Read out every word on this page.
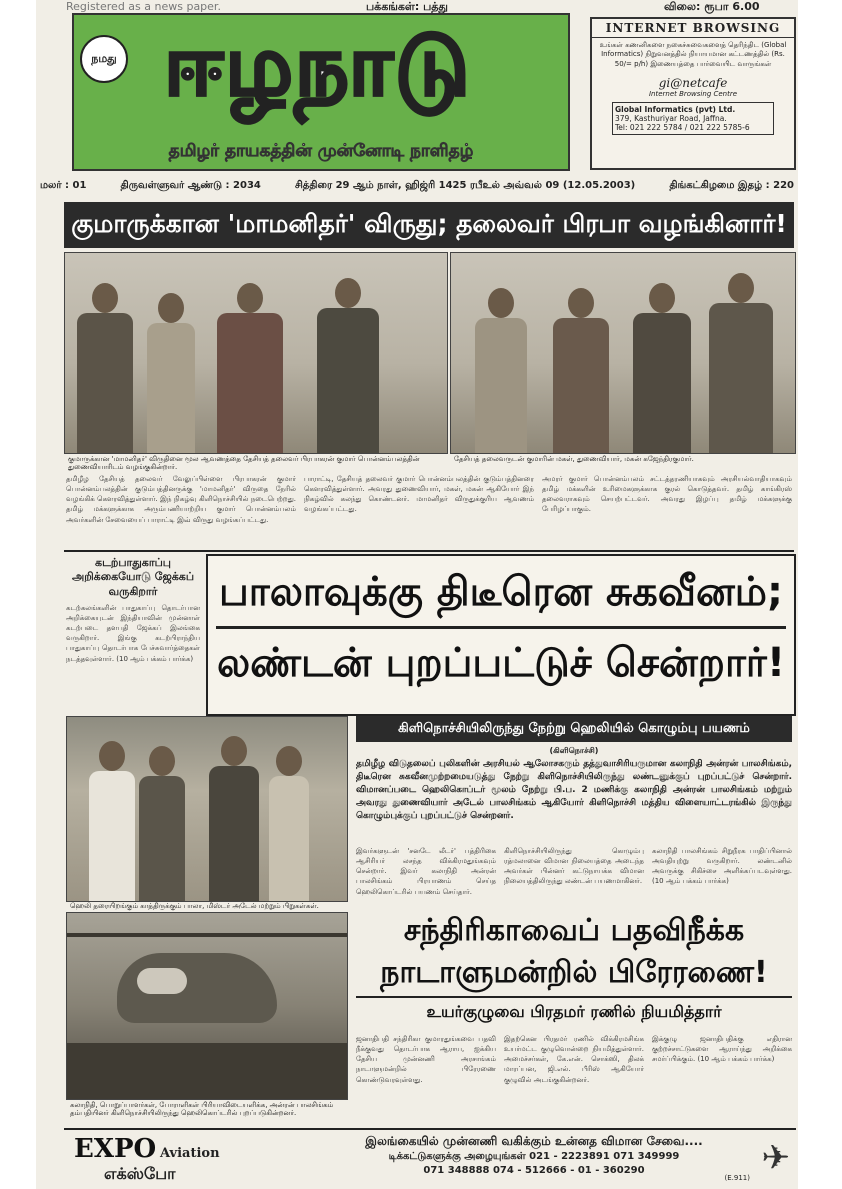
Registered as a news paper.	பக்கங்கள்: பத்து	விலை: ரூபா 6.00
நமது ஈழநாடு
தமிழர் தாயகத்தின் முன்னோடி நாளிதழ்
INTERNET BROWSING
உங்கள் கணனிகளை நகைச்சுவைகளைத் தெரிந்திட (Global Informatics) நிறுவனத்தில் நியாயமான கட்டணத்தில் (Rs. 50/= p/h) இணையத்தை பார்வையிட வாருங்கள்
gi@netcafe
Internet Browsing Centre
Global Informatics (pvt) Ltd.
379, Kasthuriyar Road, Jaffna.
Tel: 021 222 5784 / 021 222 5785-6
மலர் : 01	திருவள்ளுவர் ஆண்டு : 2034	சித்திரை 29 ஆம் நாள், ஹிஜ்ரி 1425 ரபீஉல் அவ்வல் 09 (12.05.2003)	திங்கட்கிழமை இதழ் : 220
குமாருக்கான 'மாமனிதர்' விருது; தலைவர் பிரபா வழங்கினார்!
குமாருக்கான 'மாமனிதர்' விருதினை மூல ஆவணத்தை தேசியத் தலைவர் பிரபாகரன் குமார் பொன்னம்பலத்தின் துணைவியாரிடம் வழங்குகின்றார்.
தேசியத் தலைவருடன் குமாரின் மகள், துணைவியார், மகன் கஜேந்திரகுமார்.
தமிழீழ தேசியத் தலைவர் வேலுப்பிள்ளை பிரபாகரன் குமார் பொன்னம்பலத்தின் குடும்பத்தினருக்கு 'மாமனிதர்' விருதை நேரில் வழங்கிக் கௌரவித்துள்ளார். இந் நிகழ்வு கிளிநொச்சியில் நடைபெற்றது. தமிழ் மக்களுக்காக அரும்பணியாற்றிய குமார் பொன்னம்பலம் அவர்களின் சேவையைப் பாராட்டி இவ் விருது வழங்கப்பட்டது.
பாராட்டி, தேசியத் தலைவர் குமார் பொன்னம்பலத்தின் குடும்பத்தினரை கௌரவித்துள்ளார். அவரது துணைவியார், மகள், மகன் ஆகியோர் இந் நிகழ்வில் கலந்து கொண்டனர். மாமனிதர் விருதுக்குரிய ஆவணம் வழங்கப்பட்டது.
அமரர் குமார் பொன்னம்பலம் சட்டத்தரணியாகவும் அரசியல்வாதியாகவும் தமிழ் மக்களின் உரிமைகளுக்காக குரல் கொடுத்தவர். தமிழ் காங்கிரஸ் தலைவராகவும் செயற்பட்டவர். அவரது இழப்பு தமிழ் மக்களுக்கு பேரிழப்பாகும்.
கடற்பாதுகாப்பு அறிக்கையோடு ஜேக்கப் வருகிறார்
கடற்கலங்களின் பாதுகாப்பு தொடர்பான அறிக்கையுடன் இந்தியாவின் முன்னாள் கடற்படை தளபதி ஜேக்கப் இலங்கை வருகிறார். இங்கு கடற்பிராந்திய பாதுகாப்பு தொடர்பாக பேச்சுவார்த்தைகள் நடத்தவுள்ளார். (10 ஆம் பக்கம் பார்க்க)
பாலாவுக்கு திடீரென சுகவீனம்;
லண்டன் புறப்பட்டுச் சென்றார்!
ஹெலி தரையிறங்கும் காத்திருக்கும் பாலா, மிஸ்டர் அடேல் மற்றும் பிறுகள்கள்.
கிளிநொச்சியிலிருந்து நேற்று ஹெலியில் கொழும்பு பயணம்
(கிளிநொச்சி)
தமிழீழ விடுதலைப் புலிகளின் அரசியல் ஆலோசகரும் தத்துவாசிரியருமான கலாநிதி அன்ரன் பாலசிங்கம், திடீரென சுகவீனமுற்றமையடுத்து நேற்று கிளிநொச்சியிலிருந்து லண்டனுக்குப் புறப்பட்டுச் சென்றார். விமானப்படை ஹெலிகொப்டர் மூலம் நேற்று பி.ப. 2 மணிக்கு கலாநிதி அன்ரன் பாலசிங்கம் மற்றும் அவரது துணைவியார் அடேல் பாலசிங்கம் ஆகியோர் கிளிநொச்சி மத்திய விளையாட்டரங்கில் இருந்து கொழும்புக்குப் புறப்பட்டுச் சென்றனர்.
இவர்களுடன் 'சனடே லீடர்' பத்திரிகை ஆசிரியர் லசந்த விக்கிரமதுங்கவும் சென்றார். இவர் கலாநிதி அன்ரன் பாலசிங்கம் பிரயாணம் செய்த ஹெலிகொப்டரில் பயணம் செய்தார்.
கிளிநொச்சியிலிருந்து கொழும்பு ரத்மலானை விமான நிலையத்தை அடைந்த அவர்கள் பின்னர் கட்டுநாயக்க விமான நிலையத்திலிருந்து லண்டன் பயணமாகினர்.
கலாநிதி பாலசிங்கம் சிறுநீரக பாதிப்பினால் அவதியுற்று வருகிறார். லண்டனில் அவருக்கு சிகிச்சை அளிக்கப்படவுள்ளது. (10 ஆம் பக்கம் பார்க்க)
கலாநிதி, பொறுப்பாளர்கள், போராளிகள் பிரியாவிடையளிக்க, அன்ரன் பாலசிங்கம் தம்பதியினர் கிளிநொச்சியிலிருந்து ஹெலிகொப்டரில் புறப்படுகின்றனர்.
சந்திரிகாவைப் பதவிநீக்க
நாடாளுமன்றில் பிரேரணை!
உயர்குழுவை பிரதமர் ரணில் நியமித்தார்
ஜனாதிபதி சந்திரிகா குமாரதுங்கவை பதவி நீக்குவது தொடர்பாக ஆராய, ஐக்கிய தேசிய முன்னணி அரசாங்கம் நாடாளுமன்றில் பிரேரணை கொண்டுவரவுள்ளது.
இதற்கென பிரதமர் ரணில் விக்கிரமசிங்க உயர்மட்ட குழுவொன்றை நியமித்துள்ளார். அமைச்சர்கள், கே.என். சொக்ஸி, திலக் மாரப்பன, ஜி.எல். பீரிஸ் ஆகியோர் குழுவில் அடங்குகின்றனர்.
இக்குழு ஜனாதிபதிக்கு எதிரான குற்றச்சாட்டுகளை ஆராய்ந்து அறிக்கை சமர்ப்பிக்கும். (10 ஆம் பக்கம் பார்க்க)
EXPO Aviation
எக்ஸ்போ
இலங்கையில் முன்னணி வகிக்கும் உன்னத விமான சேவை....
டிக்கட்டுகளுக்கு அழையுங்கள் 021 - 2223891 071 349999
071 348888 074 - 512666 - 01 - 360290
(E.911) ✈
